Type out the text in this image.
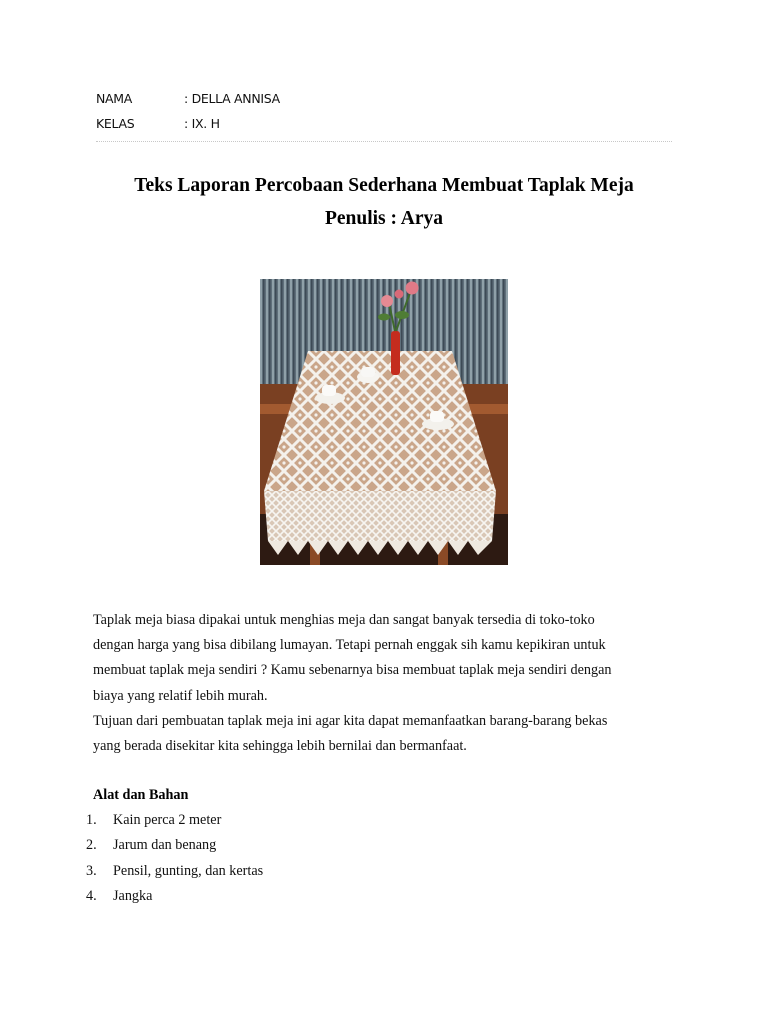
NAMA	: DELLA ANNISA
KELAS	: IX. H
Teks Laporan Percobaan Sederhana Membuat Taplak Meja
Penulis : Arya

Taplak meja biasa dipakai untuk menghias meja dan sangat banyak tersedia di toko-toko

dengan harga yang bisa dibilang lumayan. Tetapi pernah enggak sih kamu kepikiran untuk

membuat taplak meja sendiri ? Kamu sebenarnya bisa membuat taplak meja sendiri dengan

biaya yang relatif lebih murah.

Tujuan dari pembuatan taplak meja ini agar kita dapat memanfaatkan barang-barang bekas

yang berada disekitar kita sehingga lebih bernilai dan bermanfaat.

Alat dan Bahan
1.	Kain perca 2 meter
2.	Jarum dan benang
3.	Pensil, gunting, dan kertas
4.	Jangka
